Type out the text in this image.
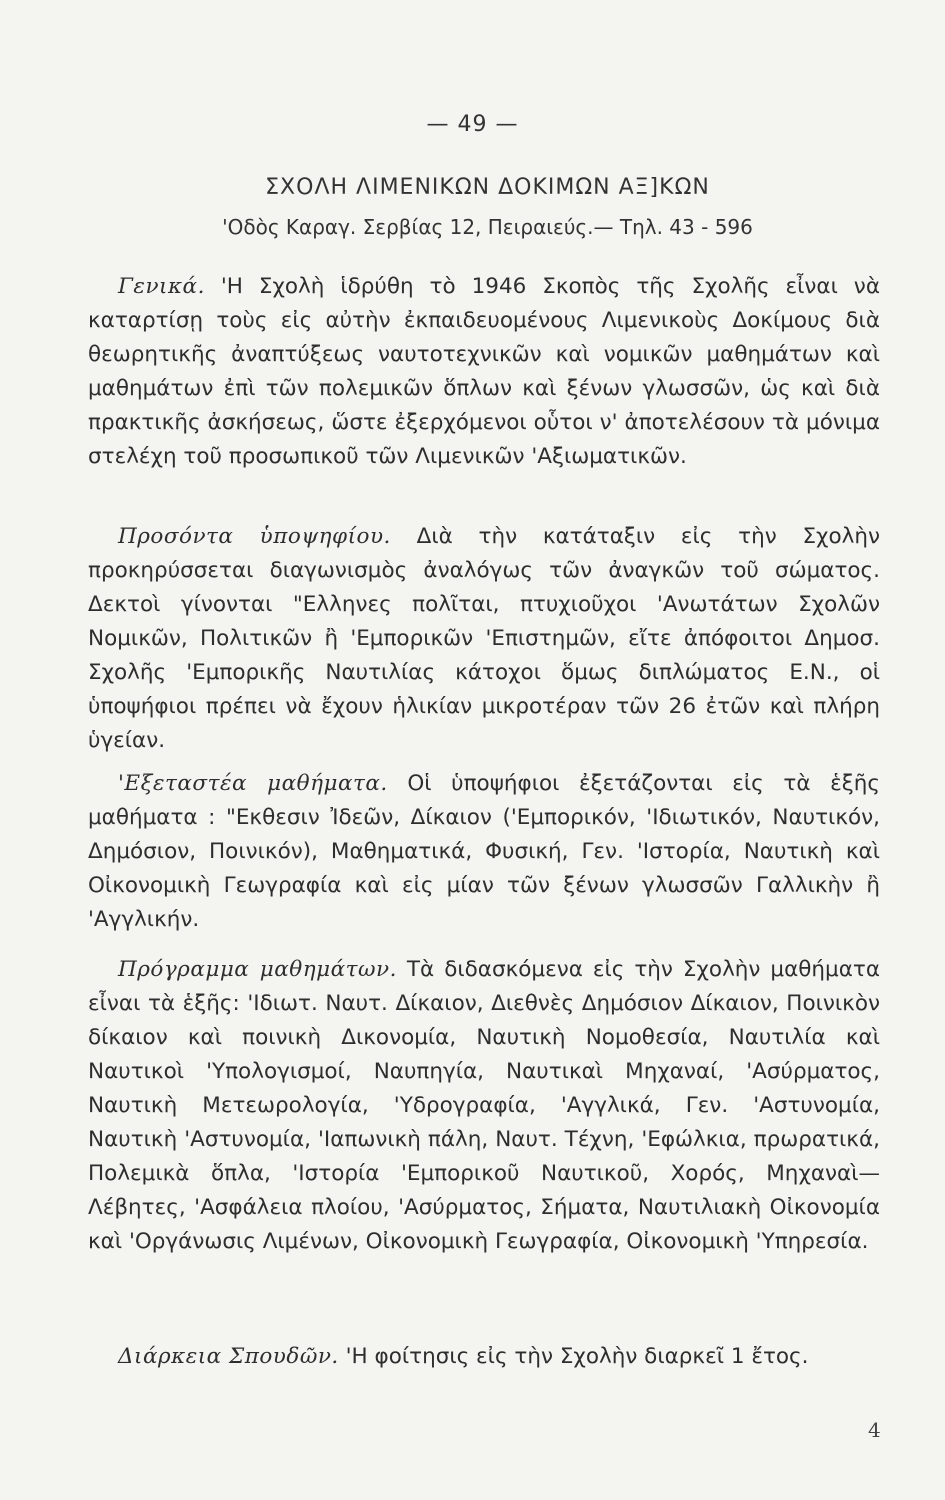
— 49 —
ΣΧΟΛΗ ΛΙΜΕΝΙΚΩΝ ΔΟΚΙΜΩΝ ΑΞ]ΚΩΝ
'Οδὸς Καραγ. Σερβίας 12, Πειραιεύς.— Τηλ. 43 - 596

Γενικά. 'Η Σχολὴ ἱδρύθη τὸ 1946 Σκοπὸς τῆς Σχολῆς εἶναι νὰ καταρτίσῃ τοὺς εἰς αὐτὴν ἐκπαιδευομένους Λιμενικοὺς Δοκίμους διὰ θεωρητικῆς ἀναπτύξεως ναυτοτεχνικῶν καὶ νομικῶν μαθημάτων καὶ μαθημάτων ἐπὶ τῶν πολεμικῶν ὅπλων καὶ ξένων γλωσσῶν, ὡς καὶ διὰ πρακτικῆς ἀσκήσεως, ὥστε ἐξερχόμενοι οὗτοι ν' ἀποτελέσουν τὰ μόνιμα στελέχη τοῦ προσωπικοῦ τῶν Λιμενικῶν 'Αξιωματικῶν.

Προσόντα ὑποψηφίου. Διὰ τὴν κατάταξιν εἰς τὴν Σχολὴν προκηρύσσεται διαγωνισμὸς ἀναλόγως τῶν ἀναγκῶν τοῦ σώματος. Δεκτοὶ γίνονται "Ελληνες πολῖται, πτυχιοῦχοι 'Ανωτάτων Σχολῶν Νομικῶν, Πολιτικῶν ἢ 'Εμπορικῶν 'Επιστημῶν, εἴτε ἀπόφοιτοι Δημοσ. Σχολῆς 'Εμπορικῆς Ναυτιλίας κάτοχοι ὅμως διπλώματος Ε.Ν., οἱ ὑποψήφιοι πρέπει νὰ ἔχουν ἡλικίαν μικροτέραν τῶν 26 ἐτῶν καὶ πλήρη ὑγείαν.

'Εξεταστέα μαθήματα. Οἱ ὑποψήφιοι ἐξετάζονται εἰς τὰ ἑξῆς μαθήματα : "Εκθεσιν Ἰδεῶν, Δίκαιον ('Εμπορικόν, 'Ιδιωτικόν, Ναυτικόν, Δημόσιον, Ποινικόν), Μαθηματικά, Φυσική, Γεν. 'Ιστορία, Ναυτικὴ καὶ Οἰκονομικὴ Γεωγραφία καὶ εἰς μίαν τῶν ξένων γλωσσῶν Γαλλικὴν ἢ 'Αγγλικήν.

Πρόγραμμα μαθημάτων. Τὰ διδασκόμενα εἰς τὴν Σχολὴν μαθήματα εἶναι τὰ ἑξῆς: 'Ιδιωτ. Ναυτ. Δίκαιον, Διεθνὲς Δημόσιον Δίκαιον, Ποινικὸν δίκαιον καὶ ποινικὴ Δικονομία, Ναυτικὴ Νομοθεσία, Ναυτιλία καὶ Ναυτικοὶ 'Υπολογισμοί, Ναυπηγία, Ναυτικαὶ Μηχαναί, 'Ασύρματος, Ναυτικὴ Μετεωρολογία, 'Υδρογραφία, 'Αγγλικά, Γεν. 'Αστυνομία, Ναυτικὴ 'Αστυνομία, 'Ιαπωνικὴ πάλη, Ναυτ. Τέχνη, 'Εφώλκια, πρωρατικά, Πολεμικὰ ὅπλα, 'Ιστορία 'Εμπορικοῦ Ναυτικοῦ, Χορός, Μηχαναὶ—Λέβητες, 'Ασφάλεια πλοίου, 'Ασύρματος, Σήματα, Ναυτιλιακὴ Οἰκονομία καὶ 'Οργάνωσις Λιμένων, Οἰκονομικὴ Γεωγραφία, Οἰκονομικὴ 'Υπηρεσία.

Διάρκεια Σπουδῶν. 'Η φοίτησις εἰς τὴν Σχολὴν διαρκεῖ 1 ἔτος.

4
